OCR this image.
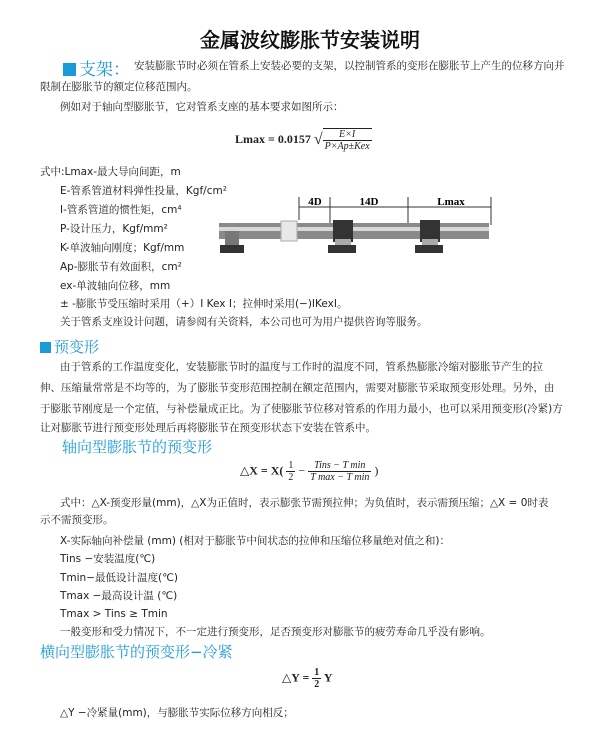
金属波纹膨胀节安装说明
支架： 安装膨胀节时必须在管系上安装必要的支架，以控制管系的变形在膨胀节上产生的位移方向并
限制在膨胀节的额定位移范围内。
例如对于轴向型膨胀节，它对管系支座的基本要求如图所示：
Lmax = 0.0157 √	E×I
P×Ap±Kex
式中:Lmax-最大导向间距，m
E-管系管道材料弹性投量，Kgf/cm²
I-管系管道的惯性矩，cm⁴
P-设计压力，Kgf/mm²
K-单波轴向刚度；Kgf/mm
Ap-膨胀节有效面积，cm²
ex-单波轴向位移，mm
± -膨胀节受压缩时采用（+）I Kex I；拉伸时采用(−)IKexI。
关于管系支座设计问题，请参阅有关资料，本公司也可为用户提供咨询等服务。
4D	14D	Lmax
预变形
由于管系的工作温度变化，安装膨胀节时的温度与工作时的温度不同，管系热膨胀冷缩对膨胀节产生的拉
伸、压缩量常常是不均等的，为了膨胀节变形范围控制在额定范围内，需要对膨胀节采取预变形处理。另外，由
于膨胀节刚度是一个定值，与补偿量成正比。为了使膨胀节位移对管系的作用力最小，也可以采用预变形(冷紧)方
让对膨胀节进行预变形处理后再将膨胀节在预变形状态下安装在管系中。
轴向型膨胀节的预变形
△X = $X( \frac{1}{2}$ − Tins − T min
T max − T min
)
式中：△X-预变形量(mm)，△X为正值时，表示膨张节需预拉伸；为负值时，表示需预压缩；△X = 0时表
示不需预变形。
X-实际轴向补偿量 (mm) (相对于膨胀节中间状态的拉伸和压缩位移量绝对值之和)：
Tins −安装温度(℃)
Tmin−最低设计温度(℃)
Tmax −最高设计温 (℃)
Tmax > Tins ≥ Tmin
一般变形和受力情况下，不一定进行预变形，足否预变形对膨胀节的疲劳寿命几乎没有影响。
横向型膨胀节的预变形−冷紧
△Y = $\frac{1}{2}$ Y
△Y −冷紧量(mm)，与膨胀节实际位移方向相反；
